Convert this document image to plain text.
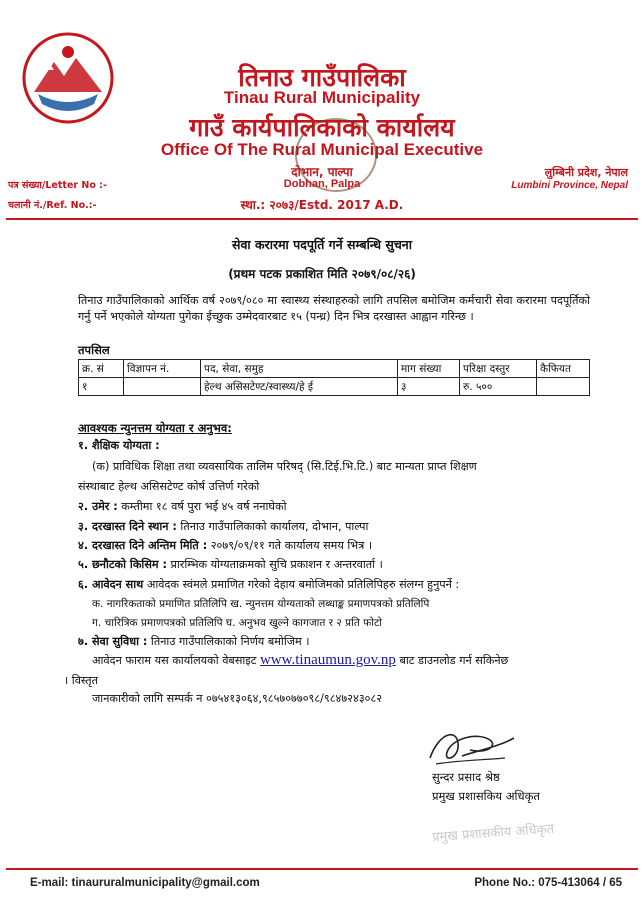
तिनाउ गाउँपालिका
Tinau Rural Municipality
गाउँ कार्यपालिकाको कार्यालय
Office Of The Rural Municipal Executive
दोभान, पाल्पा
Dobhan, Palpa
स्था.: २०७३/Estd. 2017 A.D.
पत्र संख्या/Letter No :-
चलानी नं./Ref. No.:-
लुम्बिनी प्रदेश, नेपाल
Lumbini Province, Nepal
सेवा करारमा पदपूर्ति गर्ने सम्बन्धि सुचना
(प्रथम पटक प्रकाशित मिति २०७९/०८/२६)
तिनाउ गाउँपालिकाको आर्थिक वर्ष २०७९/०८० मा स्वास्थ्य संस्थाहरुको लागि तपसिल बमोजिम कर्मचारी सेवा करारमा पदपूर्तिको गर्नु पर्ने भएकोले योग्यता पुगेका ईच्छुक उम्मेदवारबाट १५ (पन्ध्र) दिन भित्र दरखास्त आह्वान गरिन्छ ।
तपसिल
क्र. सं	विज्ञापन नं.	पद, सेवा, समुह	माग संख्या	परिक्षा दस्तुर	कैफियत
१		हेल्थ असिसटेण्ट/स्वास्थ्य/हे ई	३	रु. ५००	
आवश्यक न्युनत्तम योग्यता र अनुभव:
१. शैक्षिक योग्यता :
(क) प्राविधिक शिक्षा तथा व्यवसायिक तालिम परिषद् (सि.टिई.भि.टि.) बाट मान्यता प्राप्त शिक्षण
संस्थाबाट हेल्थ असिसटेण्ट कोर्ष उत्तिर्ण गरेको
२. उमेर : कम्तीमा १८ वर्ष पुरा भई ४५ वर्ष ननाघेको
३. दरखास्त दिने स्थान : तिनाउ गाउँपालिकाको कार्यालय, दोभान, पाल्पा
४. दरखास्त दिने अन्तिम मिति : २०७९/०९/११ गते कार्यालय समय भित्र ।
५. छनौटको किसिम : प्रारम्भिक योग्यताक्रमको सुचि प्रकाशन र अन्तरवार्ता ।
६. आवेदन साथ आवेदक स्वंमले प्रमाणित गरेको देहाय बमोजिमको प्रतिलिपिहरु संलग्न हुनुपर्ने :
क. नागरिकताको प्रमाणित प्रतिलिपि ख. न्युनत्तम योग्यताको लब्धाङ्क प्रमाणपत्रको प्रतिलिपि
ग. चारित्रिक प्रमाणपत्रको प्रतिलिपि घ. अनुभव खुल्ने कागजात र २ प्रति फोटो
७. सेवा सुविधा : तिनाउ गाउँपालिकाको निर्णय बमोजिम ।
आवेदन फाराम यस कार्यालयको वेबसाइट www.tinaumun.gov.np बाट डाउनलोड गर्न सकिनेछ
। विस्तृत
जानकारीको लागि सम्पर्क न ०७५४१३०६४,९८५७०७७०९८/९८४७२४३०८२
सुन्दर प्रसाद श्रेष्ठ
प्रमुख प्रशासकिय अधिकृत
प्रमुख प्रशासकीय अधिकृत
E-mail: tinaururalmunicipality@gmail.com	Phone No.: 075-413064 / 65
